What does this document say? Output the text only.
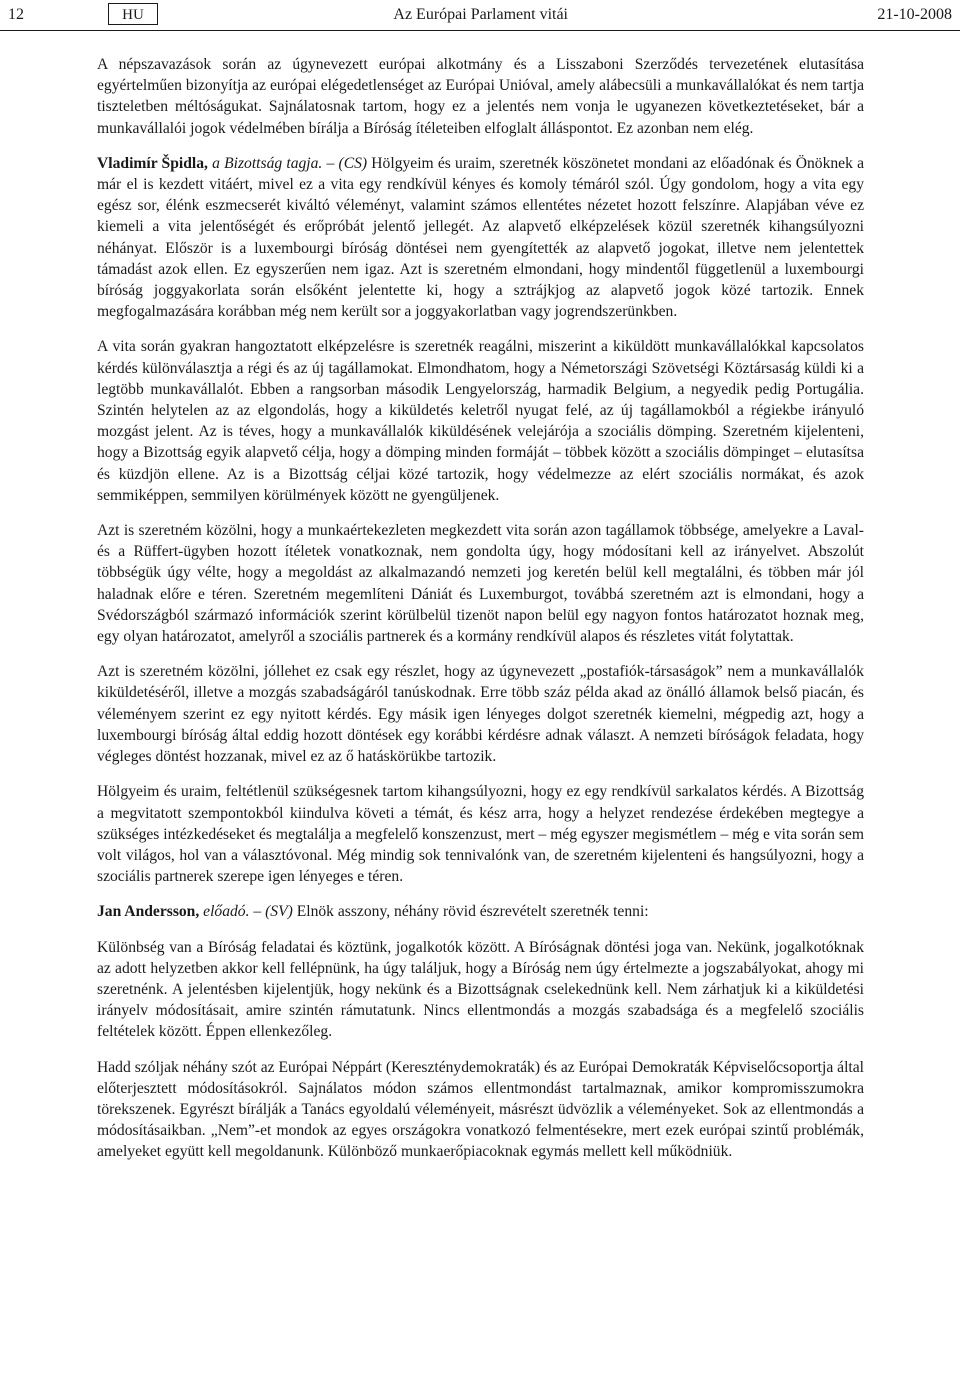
12	HU	Az Európai Parlament vitái	21-10-2008

A népszavazások során az úgynevezett európai alkotmány és a Lisszaboni Szerződés tervezetének elutasítása egyértelműen bizonyítja az európai elégedetlenséget az Európai Unióval, amely alábecsüli a munkavállalókat és nem tartja tiszteletben méltóságukat. Sajnálatosnak tartom, hogy ez a jelentés nem vonja le ugyanezen következtetéseket, bár a munkavállalói jogok védelmében bírálja a Bíróság ítéleteiben elfoglalt álláspontot. Ez azonban nem elég.

Vladimír Špidla, a Bizottság tagja. – (CS) Hölgyeim és uraim, szeretnék köszönetet mondani az előadónak és Önöknek a már el is kezdett vitáért, mivel ez a vita egy rendkívül kényes és komoly témáról szól. Úgy gondolom, hogy a vita egy egész sor, élénk eszmecserét kiváltó véleményt, valamint számos ellentétes nézetet hozott felszínre. Alapjában véve ez kiemeli a vita jelentőségét és erőpróbát jelentő jellegét. Az alapvető elképzelések közül szeretnék kihangsúlyozni néhányat. Először is a luxembourgi bíróság döntései nem gyengítették az alapvető jogokat, illetve nem jelentettek támadást azok ellen. Ez egyszerűen nem igaz. Azt is szeretném elmondani, hogy mindentől függetlenül a luxembourgi bíróság joggyakorlata során elsőként jelentette ki, hogy a sztrájkjog az alapvető jogok közé tartozik. Ennek megfogalmazására korábban még nem került sor a joggyakorlatban vagy jogrendszerünkben.

A vita során gyakran hangoztatott elképzelésre is szeretnék reagálni, miszerint a kiküldött munkavállalókkal kapcsolatos kérdés különválasztja a régi és az új tagállamokat. Elmondhatom, hogy a Németországi Szövetségi Köztársaság küldi ki a legtöbb munkavállalót. Ebben a rangsorban második Lengyelország, harmadik Belgium, a negyedik pedig Portugália. Szintén helytelen az az elgondolás, hogy a kiküldetés keletről nyugat felé, az új tagállamokból a régiekbe irányuló mozgást jelent. Az is téves, hogy a munkavállalók kiküldésének velejárója a szociális dömping. Szeretném kijelenteni, hogy a Bizottság egyik alapvető célja, hogy a dömping minden formáját – többek között a szociális dömpinget – elutasítsa és küzdjön ellene. Az is a Bizottság céljai közé tartozik, hogy védelmezze az elért szociális normákat, és azok semmiképpen, semmilyen körülmények között ne gyengüljenek.

Azt is szeretném közölni, hogy a munkaértekezleten megkezdett vita során azon tagállamok többsége, amelyekre a Laval- és a Rüffert-ügyben hozott ítéletek vonatkoznak, nem gondolta úgy, hogy módosítani kell az irányelvet. Abszolút többségük úgy vélte, hogy a megoldást az alkalmazandó nemzeti jog keretén belül kell megtalálni, és többen már jól haladnak előre e téren. Szeretném megemlíteni Dániát és Luxemburgot, továbbá szeretném azt is elmondani, hogy a Svédországból származó információk szerint körülbelül tizenöt napon belül egy nagyon fontos határozatot hoznak meg, egy olyan határozatot, amelyről a szociális partnerek és a kormány rendkívül alapos és részletes vitát folytattak.

Azt is szeretném közölni, jóllehet ez csak egy részlet, hogy az úgynevezett „postafiók-társaságok” nem a munkavállalók kiküldetéséről, illetve a mozgás szabadságáról tanúskodnak. Erre több száz példa akad az önálló államok belső piacán, és véleményem szerint ez egy nyitott kérdés. Egy másik igen lényeges dolgot szeretnék kiemelni, mégpedig azt, hogy a luxembourgi bíróság által eddig hozott döntések egy korábbi kérdésre adnak választ. A nemzeti bíróságok feladata, hogy végleges döntést hozzanak, mivel ez az ő hatáskörükbe tartozik.

Hölgyeim és uraim, feltétlenül szükségesnek tartom kihangsúlyozni, hogy ez egy rendkívül sarkalatos kérdés. A Bizottság a megvitatott szempontokból kiindulva követi a témát, és kész arra, hogy a helyzet rendezése érdekében megtegye a szükséges intézkedéseket és megtalálja a megfelelő konszenzust, mert – még egyszer megismétlem – még e vita során sem volt világos, hol van a választóvonal. Még mindig sok tennivalónk van, de szeretném kijelenteni és hangsúlyozni, hogy a szociális partnerek szerepe igen lényeges e téren.

Jan Andersson, előadó. – (SV) Elnök asszony, néhány rövid észrevételt szeretnék tenni:

Különbség van a Bíróság feladatai és köztünk, jogalkotók között. A Bíróságnak döntési joga van. Nekünk, jogalkotóknak az adott helyzetben akkor kell fellépnünk, ha úgy találjuk, hogy a Bíróság nem úgy értelmezte a jogszabályokat, ahogy mi szeretnénk. A jelentésben kijelentjük, hogy nekünk és a Bizottságnak cselekednünk kell. Nem zárhatjuk ki a kiküldetési irányelv módosításait, amire szintén rámutatunk. Nincs ellentmondás a mozgás szabadsága és a megfelelő szociális feltételek között. Éppen ellenkezőleg.

Hadd szóljak néhány szót az Európai Néppárt (Kereszténydemokraták) és az Európai Demokraták Képviselőcsoportja által előterjesztett módosításokról. Sajnálatos módon számos ellentmondást tartalmaznak, amikor kompromisszumokra törekszenek. Egyrészt bírálják a Tanács egyoldalú véleményeit, másrészt üdvözlik a véleményeket. Sok az ellentmondás a módosításaikban. „Nem”-et mondok az egyes országokra vonatkozó felmentésekre, mert ezek európai szintű problémák, amelyeket együtt kell megoldanunk. Különböző munkaerőpiacoknak egymás mellett kell működniük.
